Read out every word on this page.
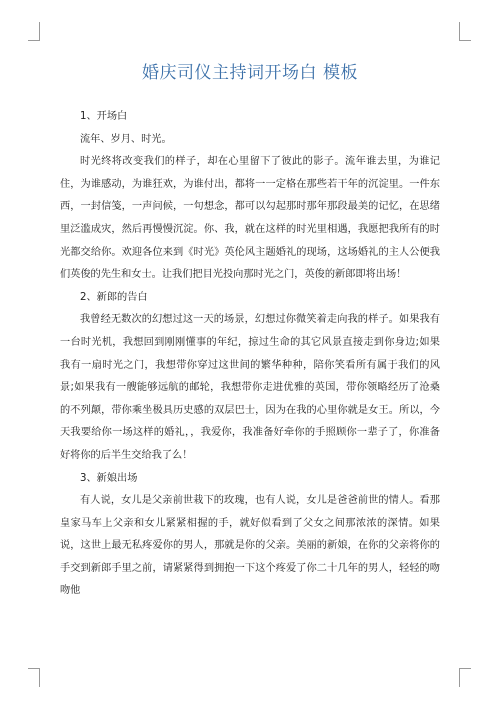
婚庆司仪主持词开场白 模板

1、开场白

流年、岁月、时光。

时光终将改变我们的样子，却在心里留下了彼此的影子。流年谁去里，为谁记住，为谁感动，为谁狂欢，为谁付出，都将一一定格在那些若干年的沉淀里。一件东西，一封信笺，一声问候，一句想念，都可以勾起那时那年那段最美的记忆，在思绪里泛滥成灾，然后再慢慢沉淀。你、我，就在这样的时光里相遇，我愿把我所有的时光都交给你。欢迎各位来到《时光》英伦风主题婚礼的现场，这场婚礼的主人公便我们英俊的先生和女士。让我们把目光投向那时光之门，英俊的新郎即将出场！

2、新郎的告白

我曾经无数次的幻想过这一天的场景，幻想过你微笑着走向我的样子。如果我有一台时光机，我想回到刚刚懂事的年纪，掠过生命的其它风景直接走到你身边;如果我有一扇时光之门，我想带你穿过这世间的繁华种种，陪你笑看所有属于我们的风景;如果我有一艘能够远航的邮轮，我想带你走进优雅的英国，带你领略经历了沧桑的不列颠，带你乘坐极具历史感的双层巴士，因为在我的心里你就是女王。所以，今天我要给你一场这样的婚礼，，我爱你，我准备好牵你的手照顾你一辈子了，你准备好将你的后半生交给我了么！

3、新娘出场

有人说，女儿是父亲前世栽下的玫瑰，也有人说，女儿是爸爸前世的情人。看那皇家马车上父亲和女儿紧紧相握的手，就好似看到了父女之间那浓浓的深情。如果说，这世上最无私疼爱你的男人，那就是你的父亲。美丽的新娘，在你的父亲将你的手交到新郎手里之前，请紧紧得到拥抱一下这个疼爱了你二十几年的男人，轻轻的吻吻他
